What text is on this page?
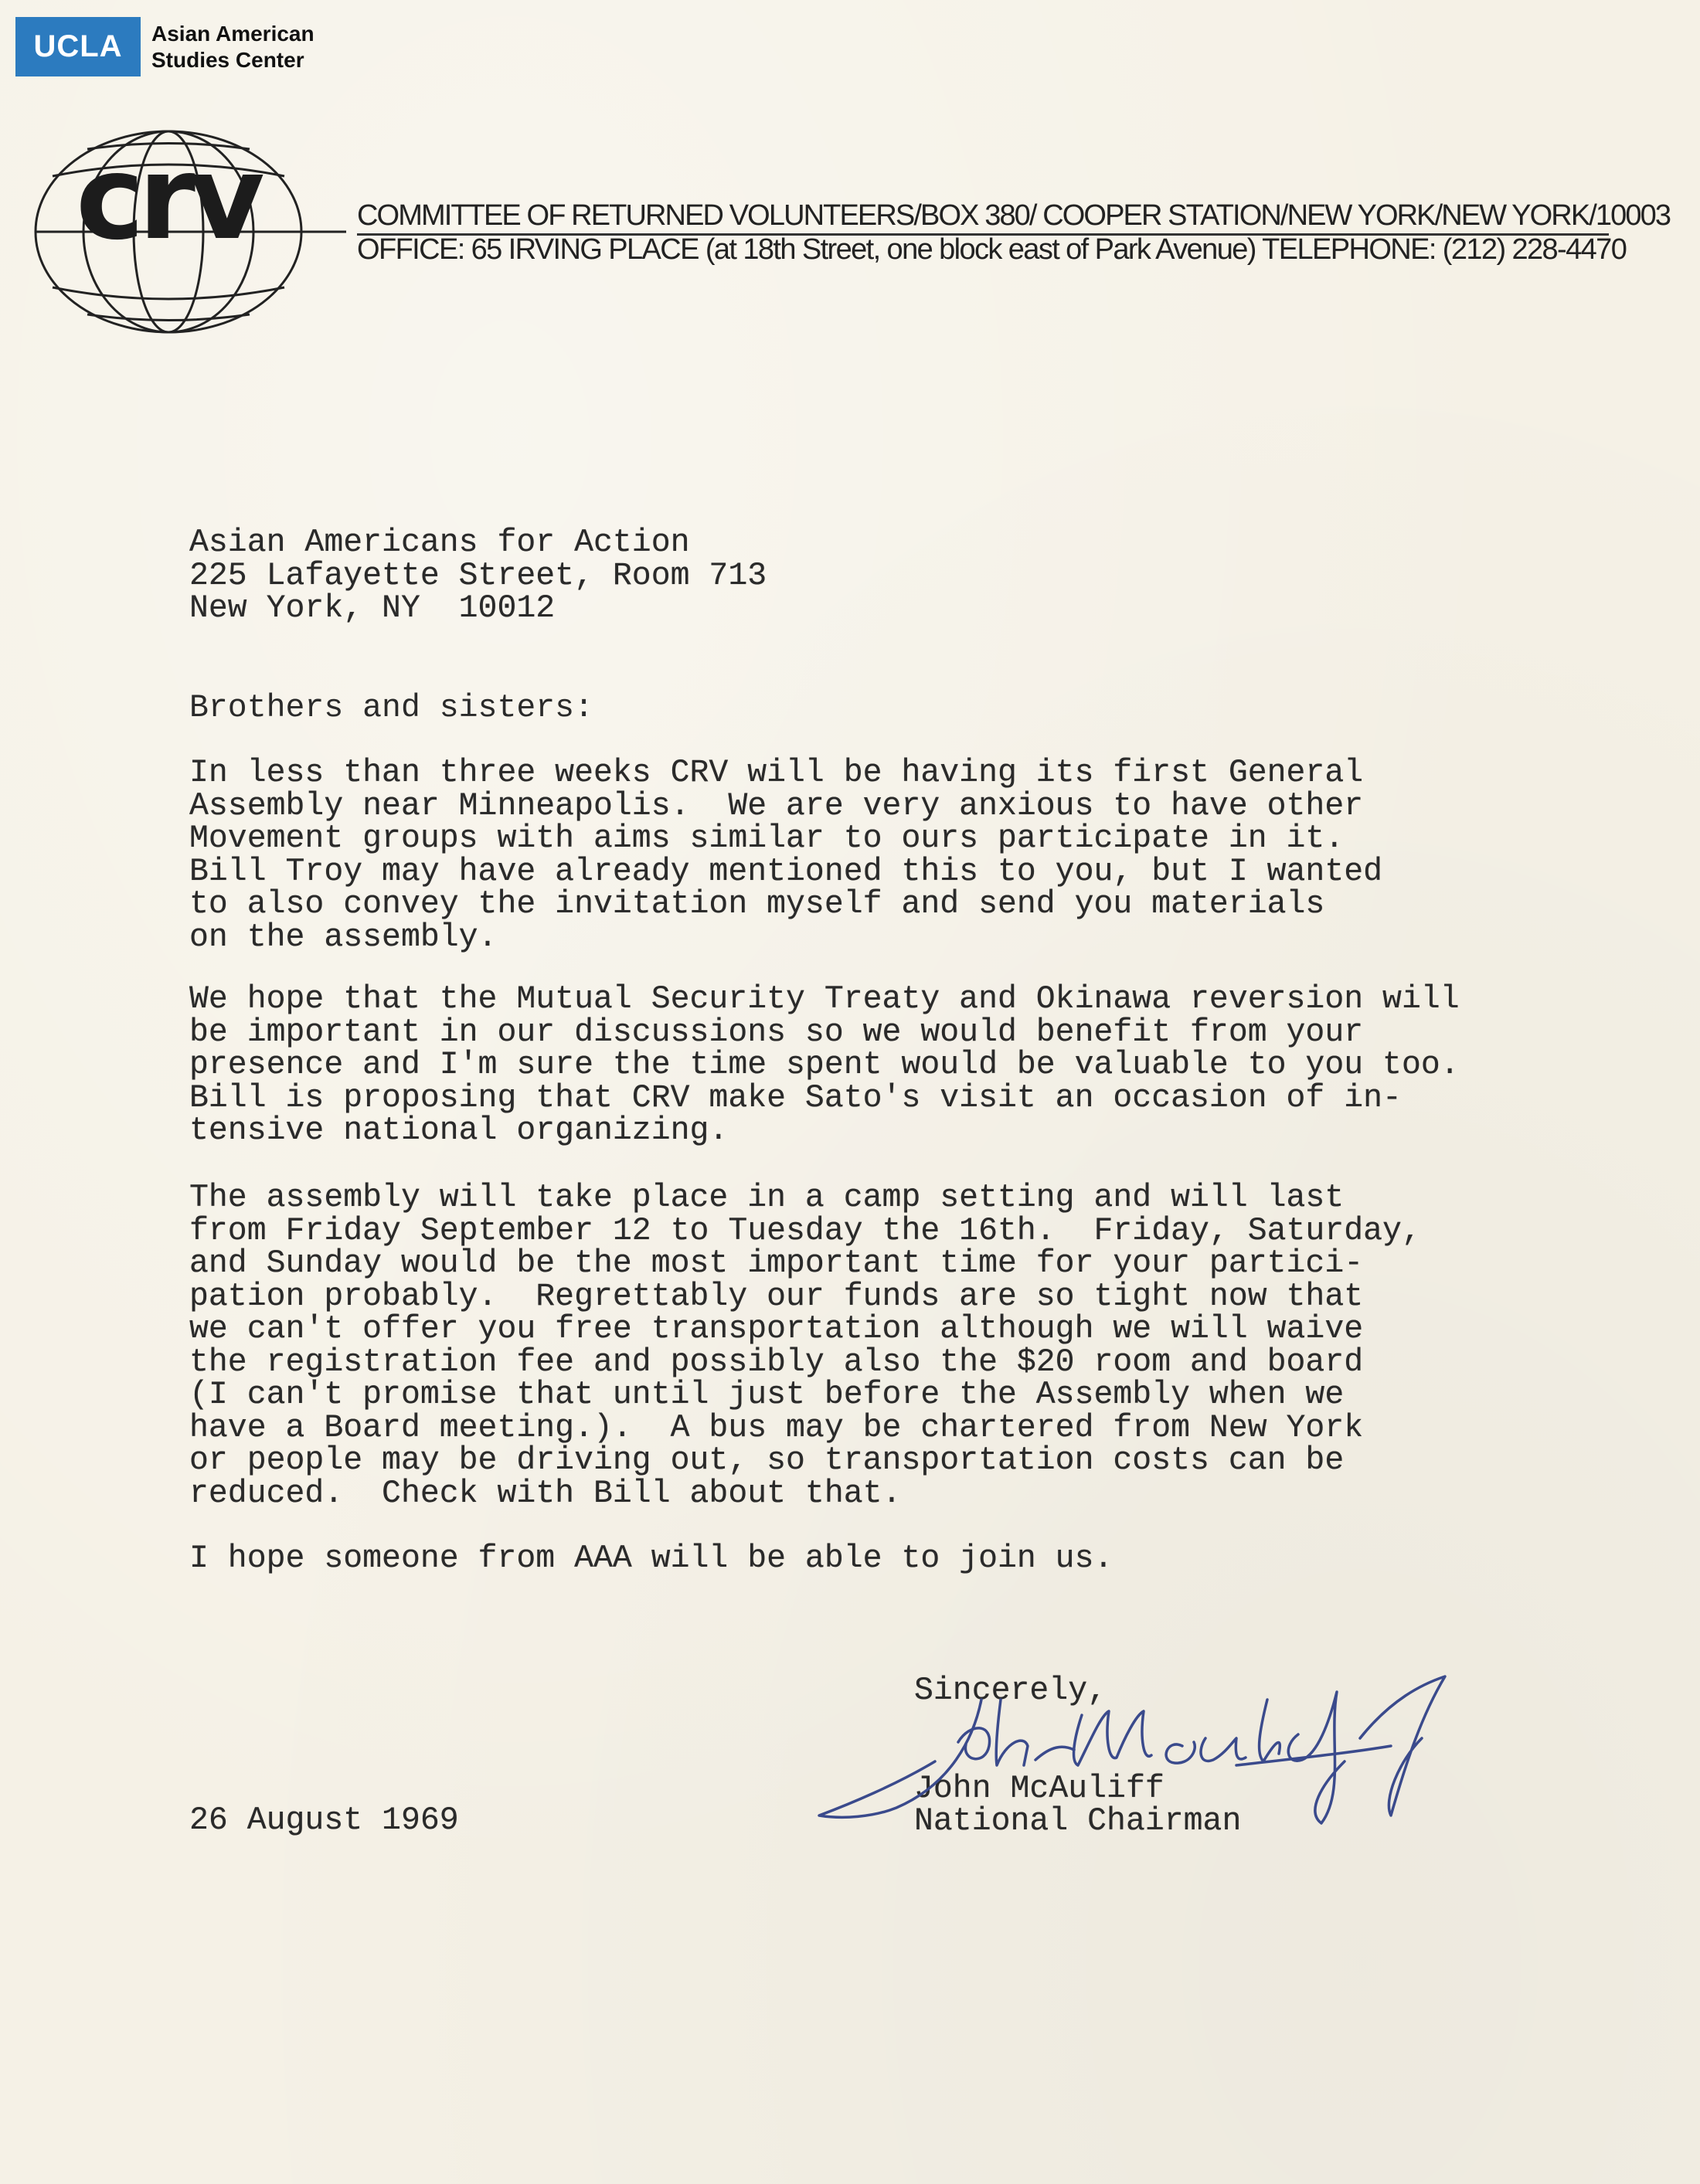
UCLA	Asian American
Studies Center
crv	COMMITTEE OF RETURNED VOLUNTEERS/BOX 380/ COOPER STATION/NEW YORK/NEW YORK/10003
OFFICE: 65 IRVING PLACE (at 18th Street, one block east of Park Avenue) TELEPHONE: (212) 228-4470
Asian Americans for Action
225 Lafayette Street, Room 713
New York, NY  10012
Brothers and sisters:
In less than three weeks CRV will be having its first General
Assembly near Minneapolis.  We are very anxious to have other
Movement groups with aims similar to ours participate in it.
Bill Troy may have already mentioned this to you, but I wanted
to also convey the invitation myself and send you materials
on the assembly.
We hope that the Mutual Security Treaty and Okinawa reversion will
be important in our discussions so we would benefit from your
presence and I'm sure the time spent would be valuable to you too.
Bill is proposing that CRV make Sato's visit an occasion of in-
tensive national organizing.
The assembly will take place in a camp setting and will last
from Friday September 12 to Tuesday the 16th.  Friday, Saturday,
and Sunday would be the most important time for your partici-
pation probably.  Regrettably our funds are so tight now that
we can't offer you free transportation although we will waive
the registration fee and possibly also the $20 room and board
(I can't promise that until just before the Assembly when we
have a Board meeting.).  A bus may be chartered from New York
or people may be driving out, so transportation costs can be
reduced.  Check with Bill about that.
I hope someone from AAA will be able to join us.
Sincerely,
John McAuliff
National Chairman
26 August 1969
